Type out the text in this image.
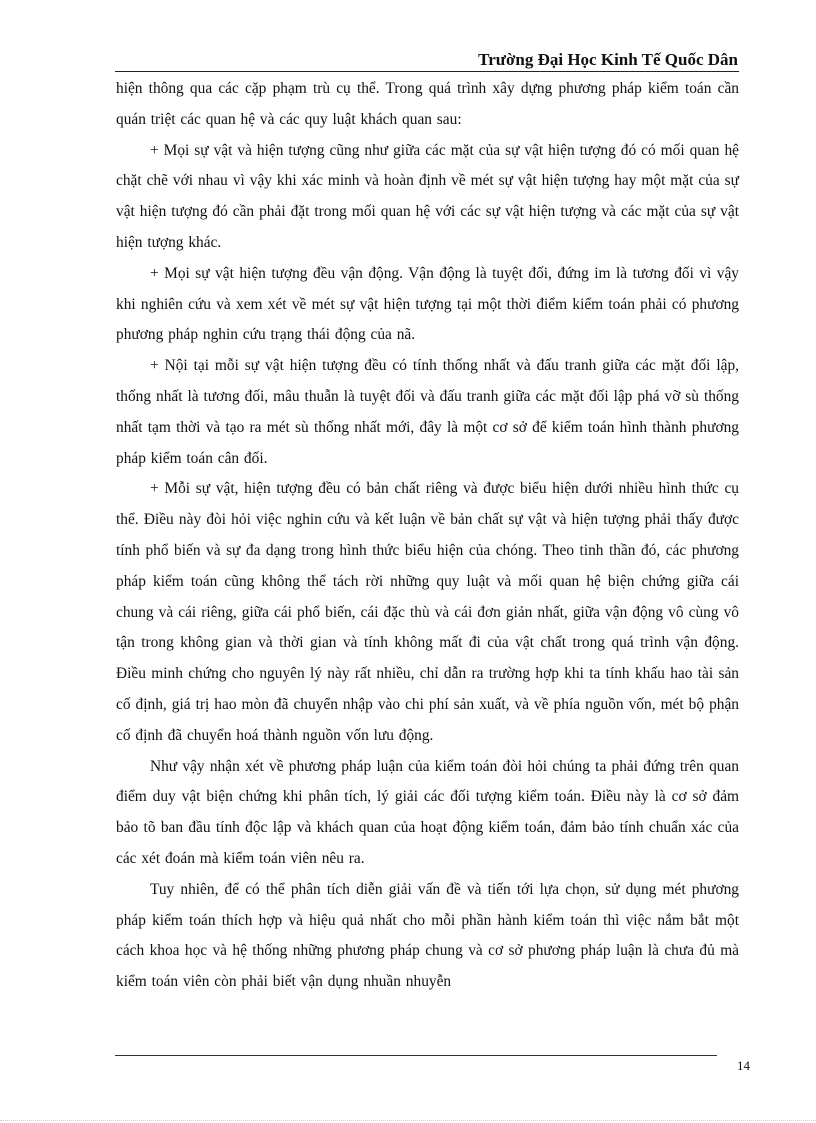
Trường Đại Học Kinh Tế Quốc Dân

hiện thông qua các cặp phạm trù cụ thể. Trong quá trình xây dựng phương pháp kiểm toán cần quán triệt các quan hệ và các quy luật khách quan sau:

+ Mọi sự vật và hiện tượng cũng như giữa các mặt của sự vật hiện tượng đó có mối quan hệ chặt chẽ với nhau vì vậy khi xác minh và hoàn định về mét sự vật hiện tượng hay một mặt của sự vật hiện tượng đó cần phải đặt trong mối quan hệ với các sự vật hiện tượng và các mặt của sự vật hiện tượng khác.

+ Mọi sự vật hiện tượng đều vận động. Vận động là tuyệt đối, đứng im là tương đối vì vậy khi nghiên cứu và xem xét về mét sự vật hiện tượng tại một thời điểm kiểm toán phải có phương phương pháp nghin cứu trạng thái động của nã.

+ Nội tại mỗi sự vật hiện tượng đều có tính thống nhất và đấu tranh giữa các mặt đối lập, thống nhất là tương đối, mâu thuẫn là tuyệt đối và đấu tranh giữa các mặt đối lập phá vỡ sù thống nhất tạm thời và tạo ra mét sù thống nhất mới, đây là một cơ sở để kiểm toán hình thành phương pháp kiểm toán cân đối.

+ Mỗi sự vật, hiện tượng đều có bản chất riêng và được biểu hiện dưới nhiều hình thức cụ thể. Điều này đòi hỏi việc nghin cứu và kết luận về bản chất sự vật và hiện tượng phải thấy được tính phổ biến và sự đa dạng trong hình thức biểu hiện của chóng. Theo tinh thần đó, các phương pháp kiểm toán cũng không thể tách rời những quy luật và mối quan hệ biện chứng giữa cái chung và cái riêng, giữa cái phổ biến, cái đặc thù và cái đơn giản nhất, giữa vận động vô cùng vô tận trong không gian và thời gian và tính không mất đi của vật chất trong quá trình vận động. Điều minh chứng cho nguyên lý này rất nhiều, chỉ dẫn ra trường hợp khi ta tính khấu hao tài sản cố định, giá trị hao mòn đã chuyển nhập vào chi phí sản xuất, và về phía nguồn vốn, mét bộ phận cố định đã chuyển hoá thành nguồn vốn lưu động.

Như vậy nhận xét về phương pháp luận của kiểm toán đòi hỏi chúng ta phải đứng trên quan điểm duy vật biện chứng khi phân tích, lý giải các đối tượng kiểm toán. Điều này là cơ sở đảm bảo tõ ban đầu tính độc lập và khách quan của hoạt động kiểm toán, đảm bảo tính chuẩn xác của các xét đoán mà kiểm toán viên nêu ra.

Tuy nhiên, để có thể phân tích diễn giải vấn đề và tiến tới lựa chọn, sử dụng mét phương pháp kiểm toán thích hợp và hiệu quả nhất cho mỗi phần hành kiểm toán thì việc nắm bắt một cách khoa học và hệ thống những phương pháp chung và cơ sở phương pháp luận là chưa đủ mà kiểm toán viên còn phải biết vận dụng nhuần nhuyễn

14
